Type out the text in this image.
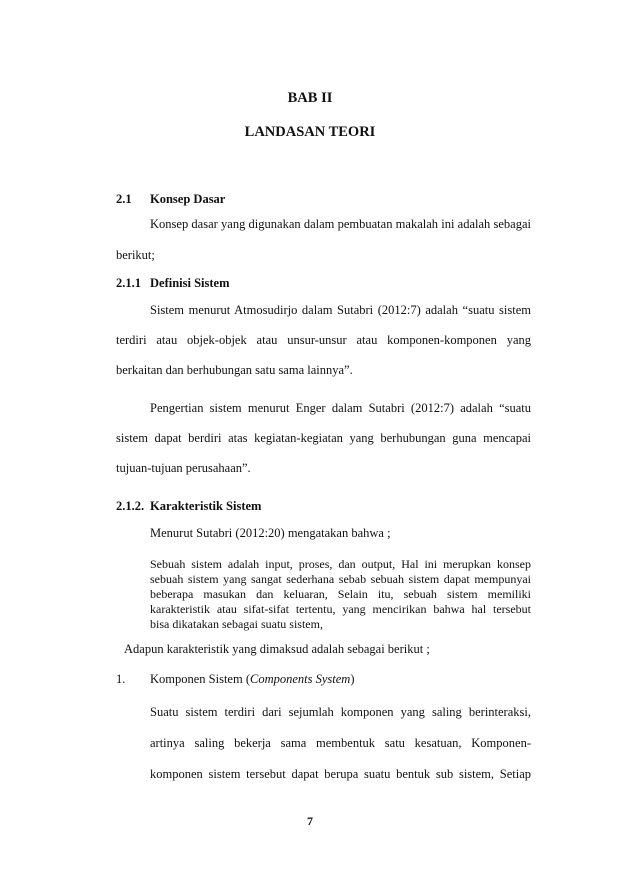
BAB II
LANDASAN TEORI
2.1 Konsep Dasar
Konsep dasar yang digunakan dalam pembuatan makalah ini adalah sebagai
berikut;
2.1.1 Definisi Sistem
Sistem menurut Atmosudirjo dalam Sutabri (2012:7) adalah “suatu sistem
terdiri atau objek-objek atau unsur-unsur atau komponen-komponen yang
berkaitan dan berhubungan satu sama lainnya”.
Pengertian sistem menurut Enger dalam Sutabri (2012:7) adalah “suatu
sistem dapat berdiri atas kegiatan-kegiatan yang berhubungan guna mencapai
tujuan-tujuan perusahaan”.
2.1.2. Karakteristik Sistem
Menurut Sutabri (2012:20) mengatakan bahwa ;
Sebuah sistem adalah input, proses, dan output, Hal ini merupkan konsep
sebuah sistem yang sangat sederhana sebab sebuah sistem dapat mempunyai
beberapa masukan dan keluaran, Selain itu, sebuah sistem memiliki
karakteristik atau sifat-sifat tertentu, yang mencirikan bahwa hal tersebut
bisa dikatakan sebagai suatu sistem,
Adapun karakteristik yang dimaksud adalah sebagai berikut ;
1. Komponen Sistem (Components System)
Suatu sistem terdiri dari sejumlah komponen yang saling berinteraksi,
artinya saling bekerja sama membentuk satu kesatuan, Komponen-
komponen sistem tersebut dapat berupa suatu bentuk sub sistem, Setiap
7
